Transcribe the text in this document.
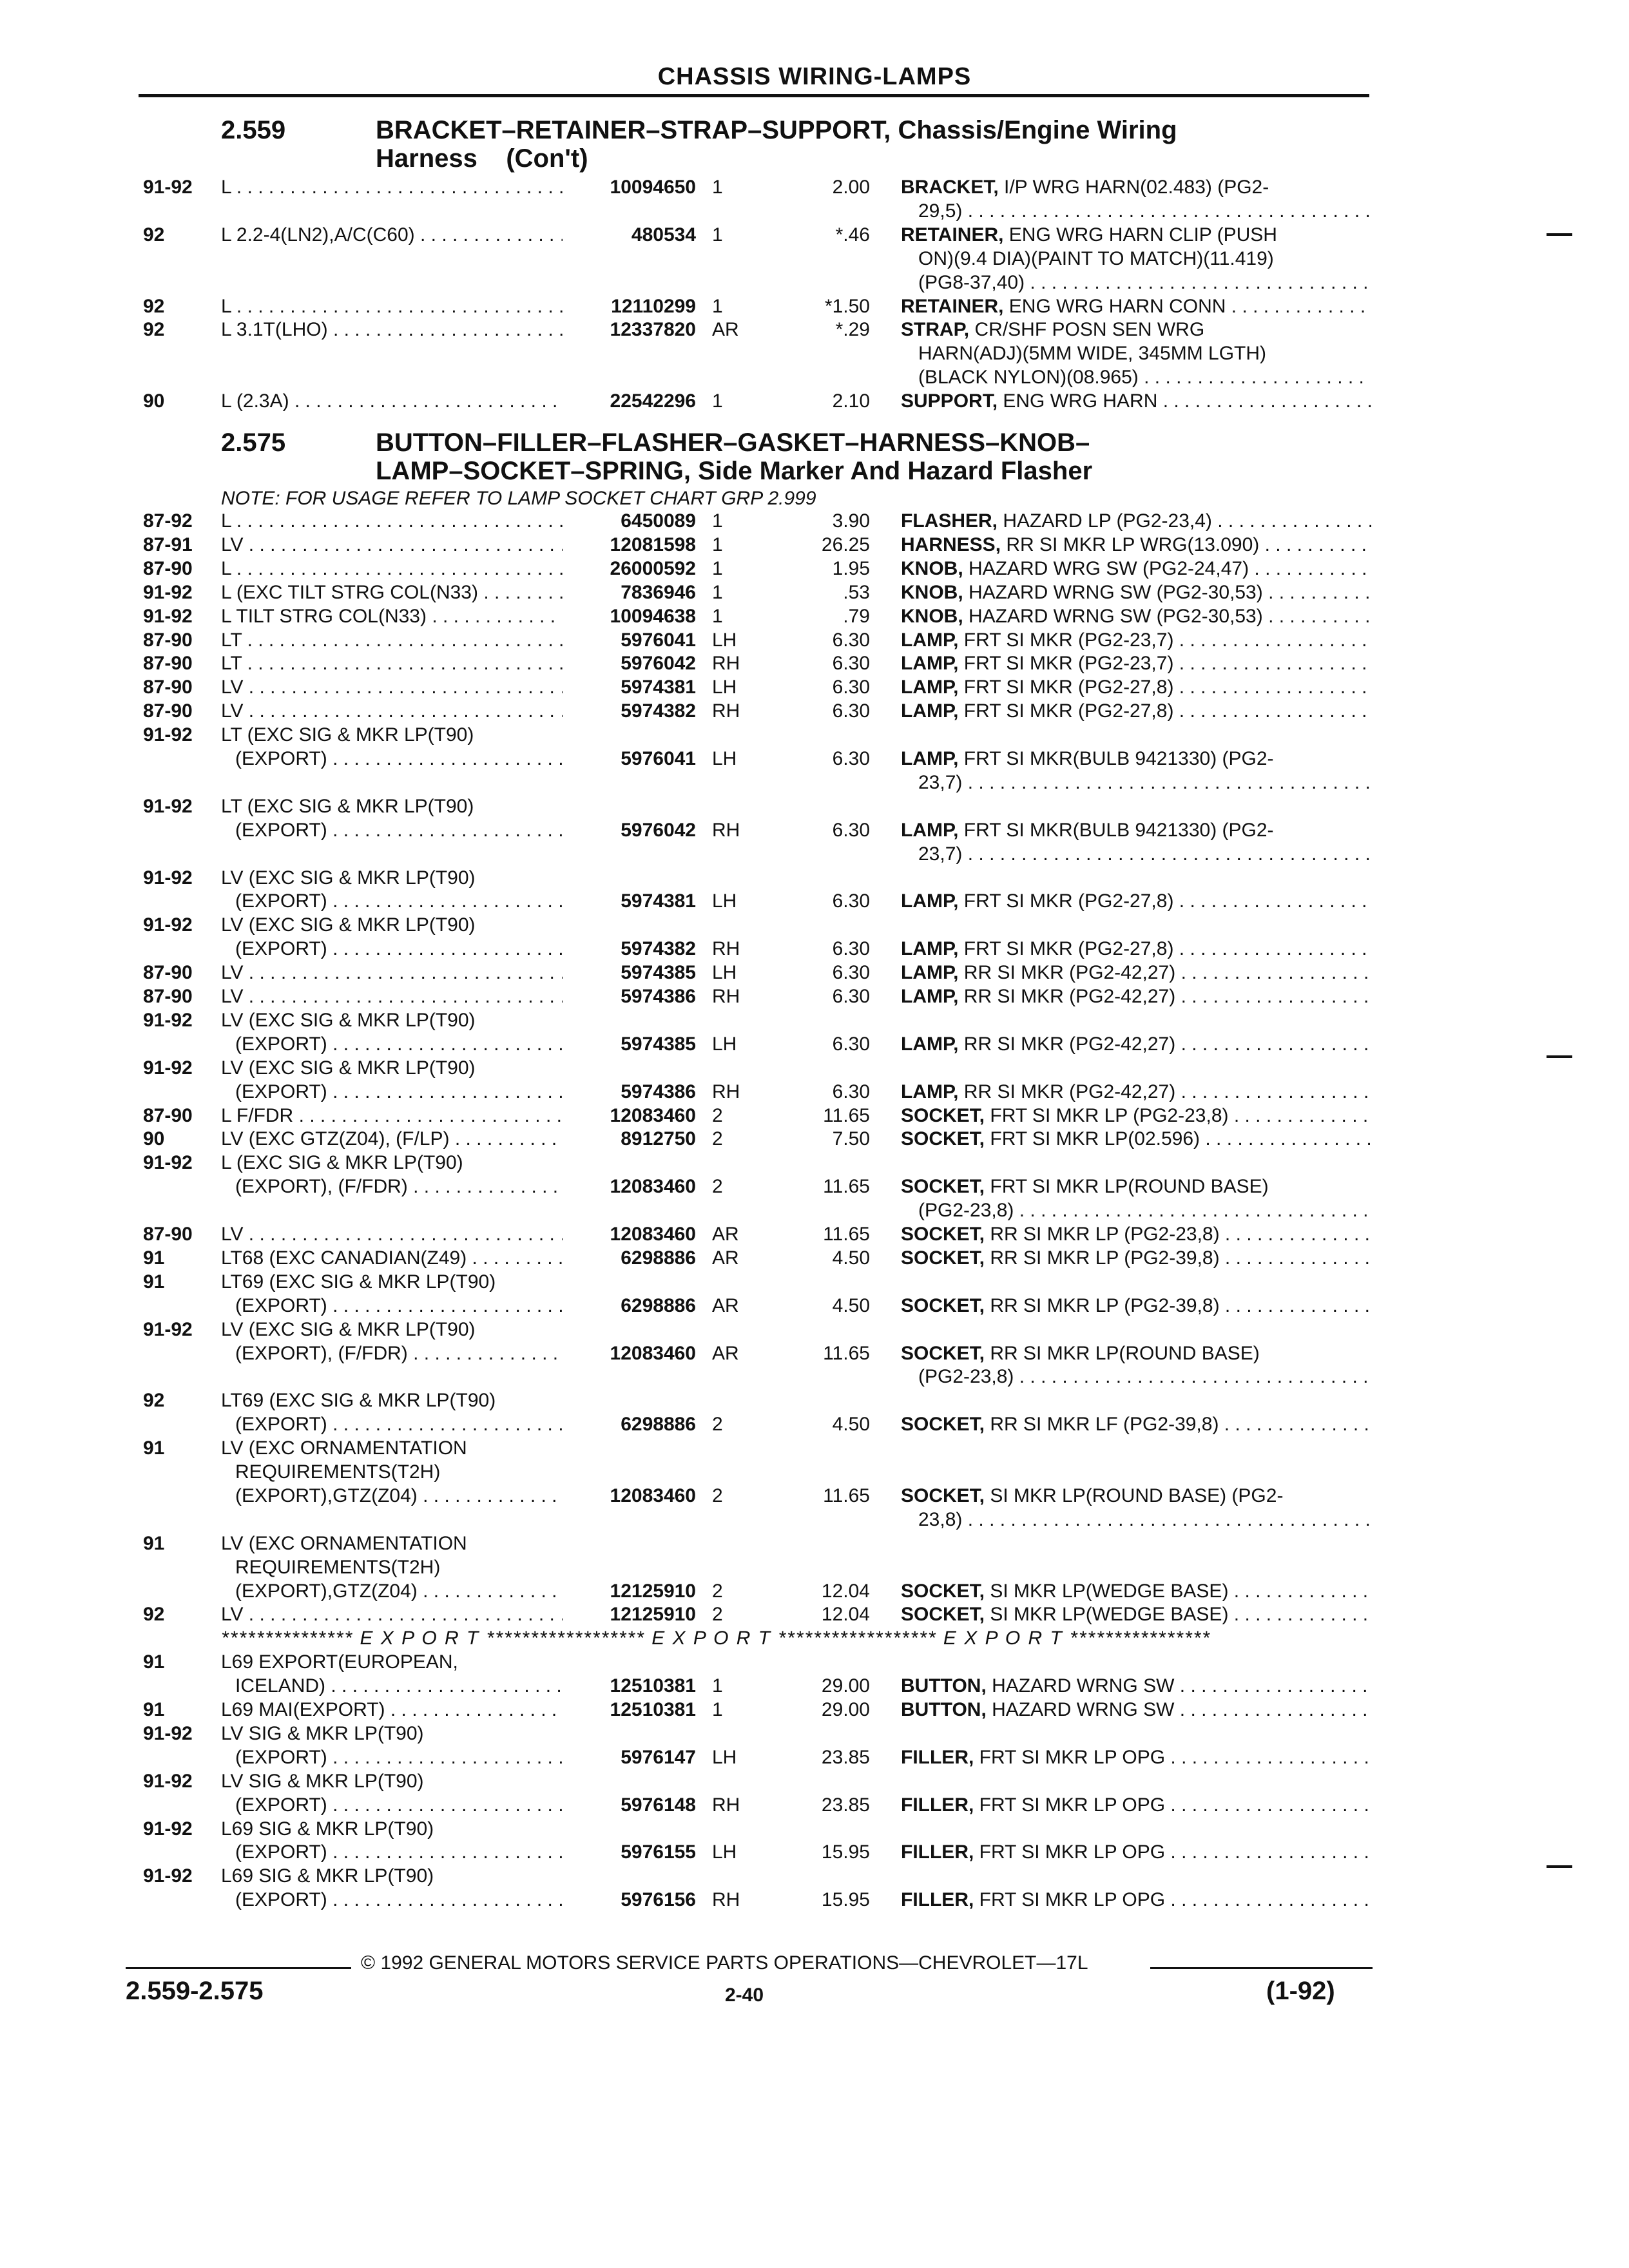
CHASSIS WIRING-LAMPS
2.559	BRACKET–RETAINER–STRAP–SUPPORT, Chassis/Engine Wiring
Harness    (Con't)
91-92	L . . .	10094650 1	2.00 BRACKET, I/P WRG HARN(02.483) (PG2-
29,5) . . .
92	L 2.2-4(LN2),A/C(C60) . . .	480534 1	*.46 RETAINER, ENG WRG HARN CLIP (PUSH
ON)(9.4 DIA)(PAINT TO MATCH)(11.419)
(PG8-37,40) . . .
92	L . . .	12110299 1	*1.50 RETAINER, ENG WRG HARN CONN . . .
92	L 3.1T(LHO) . . .	12337820 AR	*.29 STRAP, CR/SHF POSN SEN WRG
HARN(ADJ)(5MM WIDE, 345MM LGTH)
(BLACK NYLON)(08.965) . . .
90	L (2.3A) . . .	22542296 1	2.10 SUPPORT, ENG WRG HARN . . .
2.575	BUTTON–FILLER–FLASHER–GASKET–HARNESS–KNOB–
LAMP–SOCKET–SPRING, Side Marker And Hazard Flasher
NOTE: FOR USAGE REFER TO LAMP SOCKET CHART GRP 2.999
87-92	L . . .	6450089 1	3.90 FLASHER, HAZARD LP (PG2-23,4) . . .
87-91	LV . . .	12081598 1	26.25 HARNESS, RR SI MKR LP WRG(13.090) . . .
87-90	L . . .	26000592 1	1.95 KNOB, HAZARD WRG SW (PG2-24,47) . . .
91-92	L (EXC TILT STRG COL(N33) . . .	7836946 1	.53 KNOB, HAZARD WRNG SW (PG2-30,53) . . .
91-92	L TILT STRG COL(N33) . . .	10094638 1	.79 KNOB, HAZARD WRNG SW (PG2-30,53) . . .
87-90	LT . . .	5976041 LH	6.30 LAMP, FRT SI MKR (PG2-23,7) . . .
87-90	LT . . .	5976042 RH	6.30 LAMP, FRT SI MKR (PG2-23,7) . . .
87-90	LV . . .	5974381 LH	6.30 LAMP, FRT SI MKR (PG2-27,8) . . .
87-90	LV . . .	5974382 RH	6.30 LAMP, FRT SI MKR (PG2-27,8) . . .
91-92	LT (EXC SIG & MKR LP(T90)
(EXPORT) . . .	5976041 LH	6.30 LAMP, FRT SI MKR(BULB 9421330) (PG2-
23,7) . . .
91-92	LT (EXC SIG & MKR LP(T90)
(EXPORT) . . .	5976042 RH	6.30 LAMP, FRT SI MKR(BULB 9421330) (PG2-
23,7) . . .
91-92	LV (EXC SIG & MKR LP(T90)
(EXPORT) . . .	5974381 LH	6.30 LAMP, FRT SI MKR (PG2-27,8) . . .
91-92	LV (EXC SIG & MKR LP(T90)
(EXPORT) . . .	5974382 RH	6.30 LAMP, FRT SI MKR (PG2-27,8) . . .
87-90	LV . . .	5974385 LH	6.30 LAMP, RR SI MKR (PG2-42,27) . . .
87-90	LV . . .	5974386 RH	6.30 LAMP, RR SI MKR (PG2-42,27) . . .
91-92	LV (EXC SIG & MKR LP(T90)
(EXPORT) . . .	5974385 LH	6.30 LAMP, RR SI MKR (PG2-42,27) . . .
91-92	LV (EXC SIG & MKR LP(T90)
(EXPORT) . . .	5974386 RH	6.30 LAMP, RR SI MKR (PG2-42,27) . . .
87-90	L F/FDR . . .	12083460 2	11.65 SOCKET, FRT SI MKR LP (PG2-23,8) . . .
90	LV (EXC GTZ(Z04), (F/LP) . . .	8912750 2	7.50 SOCKET, FRT SI MKR LP(02.596) . . .
91-92	L (EXC SIG & MKR LP(T90)
(EXPORT), (F/FDR) . . .	12083460 2	11.65 SOCKET, FRT SI MKR LP(ROUND BASE)
(PG2-23,8) . . .
87-90	LV . . .	12083460 AR	11.65 SOCKET, RR SI MKR LP (PG2-23,8) . . .
91	LT68 (EXC CANADIAN(Z49) . . .	6298886 AR	4.50 SOCKET, RR SI MKR LP (PG2-39,8) . . .
91	LT69 (EXC SIG & MKR LP(T90)
(EXPORT) . . .	6298886 AR	4.50 SOCKET, RR SI MKR LP (PG2-39,8) . . .
91-92	LV (EXC SIG & MKR LP(T90)
(EXPORT), (F/FDR) . . .	12083460 AR	11.65 SOCKET, RR SI MKR LP(ROUND BASE)
(PG2-23,8) . . .
92	LT69 (EXC SIG & MKR LP(T90)
(EXPORT) . . .	6298886 2	4.50 SOCKET, RR SI MKR LF (PG2-39,8) . . .
91	LV (EXC ORNAMENTATION
REQUIREMENTS(T2H)
(EXPORT),GTZ(Z04) . . .	12083460 2	11.65 SOCKET, SI MKR LP(ROUND BASE) (PG2-
23,8) . . .
91	LV (EXC ORNAMENTATION
REQUIREMENTS(T2H)
(EXPORT),GTZ(Z04) . . .	12125910 2	12.04 SOCKET, SI MKR LP(WEDGE BASE) . . .
92	LV . . .	12125910 2	12.04 SOCKET, SI MKR LP(WEDGE BASE) . . .
*************** E X P O R T ****************** E X P O R T ****************** E X P O R T ****************
91	L69 EXPORT(EUROPEAN,
ICELAND) . . .	12510381 1	29.00 BUTTON, HAZARD WRNG SW . . .
91	L69 MAI(EXPORT) . . .	12510381 1	29.00 BUTTON, HAZARD WRNG SW . . .
91-92	LV SIG & MKR LP(T90)
(EXPORT) . . .	5976147 LH	23.85 FILLER, FRT SI MKR LP OPG . . .
91-92	LV SIG & MKR LP(T90)
(EXPORT) . . .	5976148 RH	23.85 FILLER, FRT SI MKR LP OPG . . .
91-92	L69 SIG & MKR LP(T90)
(EXPORT) . . .	5976155 LH	15.95 FILLER, FRT SI MKR LP OPG . . .
91-92	L69 SIG & MKR LP(T90)
(EXPORT) . . .	5976156 RH	15.95 FILLER, FRT SI MKR LP OPG . . .
© 1992 GENERAL MOTORS SERVICE PARTS OPERATIONS—CHEVROLET—17L
2.559-2.575	2-40	(1-92)
